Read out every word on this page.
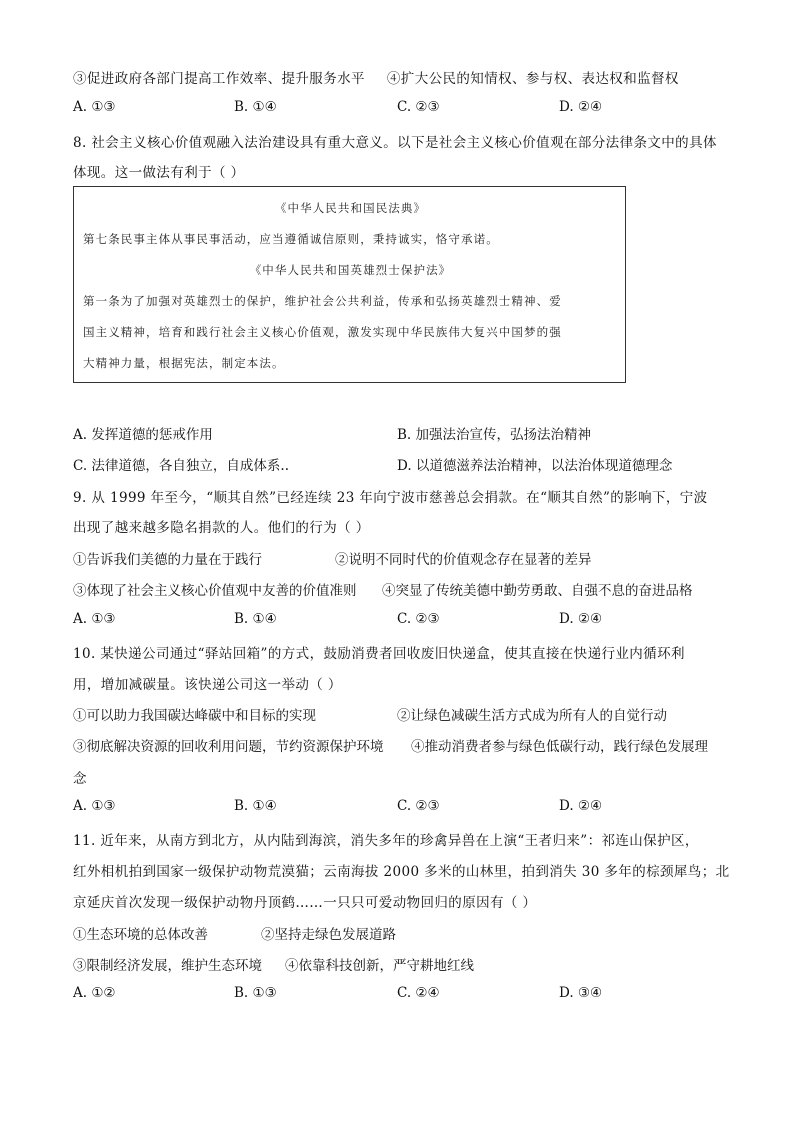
③促进政府各部门提高工作效率、提升服务水平 ④扩大公民的知情权、参与权、表达权和监督权
A. ①③	B. ①④	C. ②③	D. ②④
8. 社会主义核心价值观融入法治建设具有重大意义。以下是社会主义核心价值观在部分法律条文中的具体
体现。这一做法有利于（ ）
《中华人民共和国民法典》
第七条民事主体从事民事活动，应当遵循诚信原则，秉持诚实，恪守承诺。
《中华人民共和国英雄烈士保护法》
第一条为了加强对英雄烈士的保护，维护社会公共利益，传承和弘扬英雄烈士精神、爱
国主义精神，培育和践行社会主义核心价值观，激发实现中华民族伟大复兴中国梦的强
大精神力量，根据宪法，制定本法。
A. 发挥道德的惩戒作用	B. 加强法治宣传，弘扬法治精神
C. 法律道德，各自独立，自成体系..	D. 以道德滋养法治精神，以法治体现道德理念
9. 从 1999 年至今，“顺其自然”已经连续 23 年向宁波市慈善总会捐款。在“顺其自然”的影响下，宁波
出现了越来越多隐名捐款的人。他们的行为（ ）
①告诉我们美德的力量在于践行	②说明不同时代的价值观念存在显著的差异
③体现了社会主义核心价值观中友善的价值准则 ④突显了传统美德中勤劳勇敢、自强不息的奋进品格
A. ①③	B. ①④	C. ②③	D. ②④
10. 某快递公司通过“驿站回箱”的方式，鼓励消费者回收废旧快递盒，使其直接在快递行业内循环利
用，增加减碳量。该快递公司这一举动（ ）
①可以助力我国碳达峰碳中和目标的实现	②让绿色减碳生活方式成为所有人的自觉行动
③彻底解决资源的回收利用问题，节约资源保护环境 ④推动消费者参与绿色低碳行动，践行绿色发展理
念
A. ①③	B. ①④	C. ②③	D. ②④
11. 近年来，从南方到北方，从内陆到海滨，消失多年的珍禽异兽在上演“王者归来”：祁连山保护区，
红外相机拍到国家一级保护动物荒漠猫；云南海拔 2000 多米的山林里，拍到消失 30 多年的棕颈犀鸟；北
京延庆首次发现一级保护动物丹顶鹤……一只只可爱动物回归的原因有（ ）
①生态环境的总体改善	②坚持走绿色发展道路
③限制经济发展，维护生态环境 ④依靠科技创新，严守耕地红线
A. ①②	B. ①③	C. ②④	D. ③④
